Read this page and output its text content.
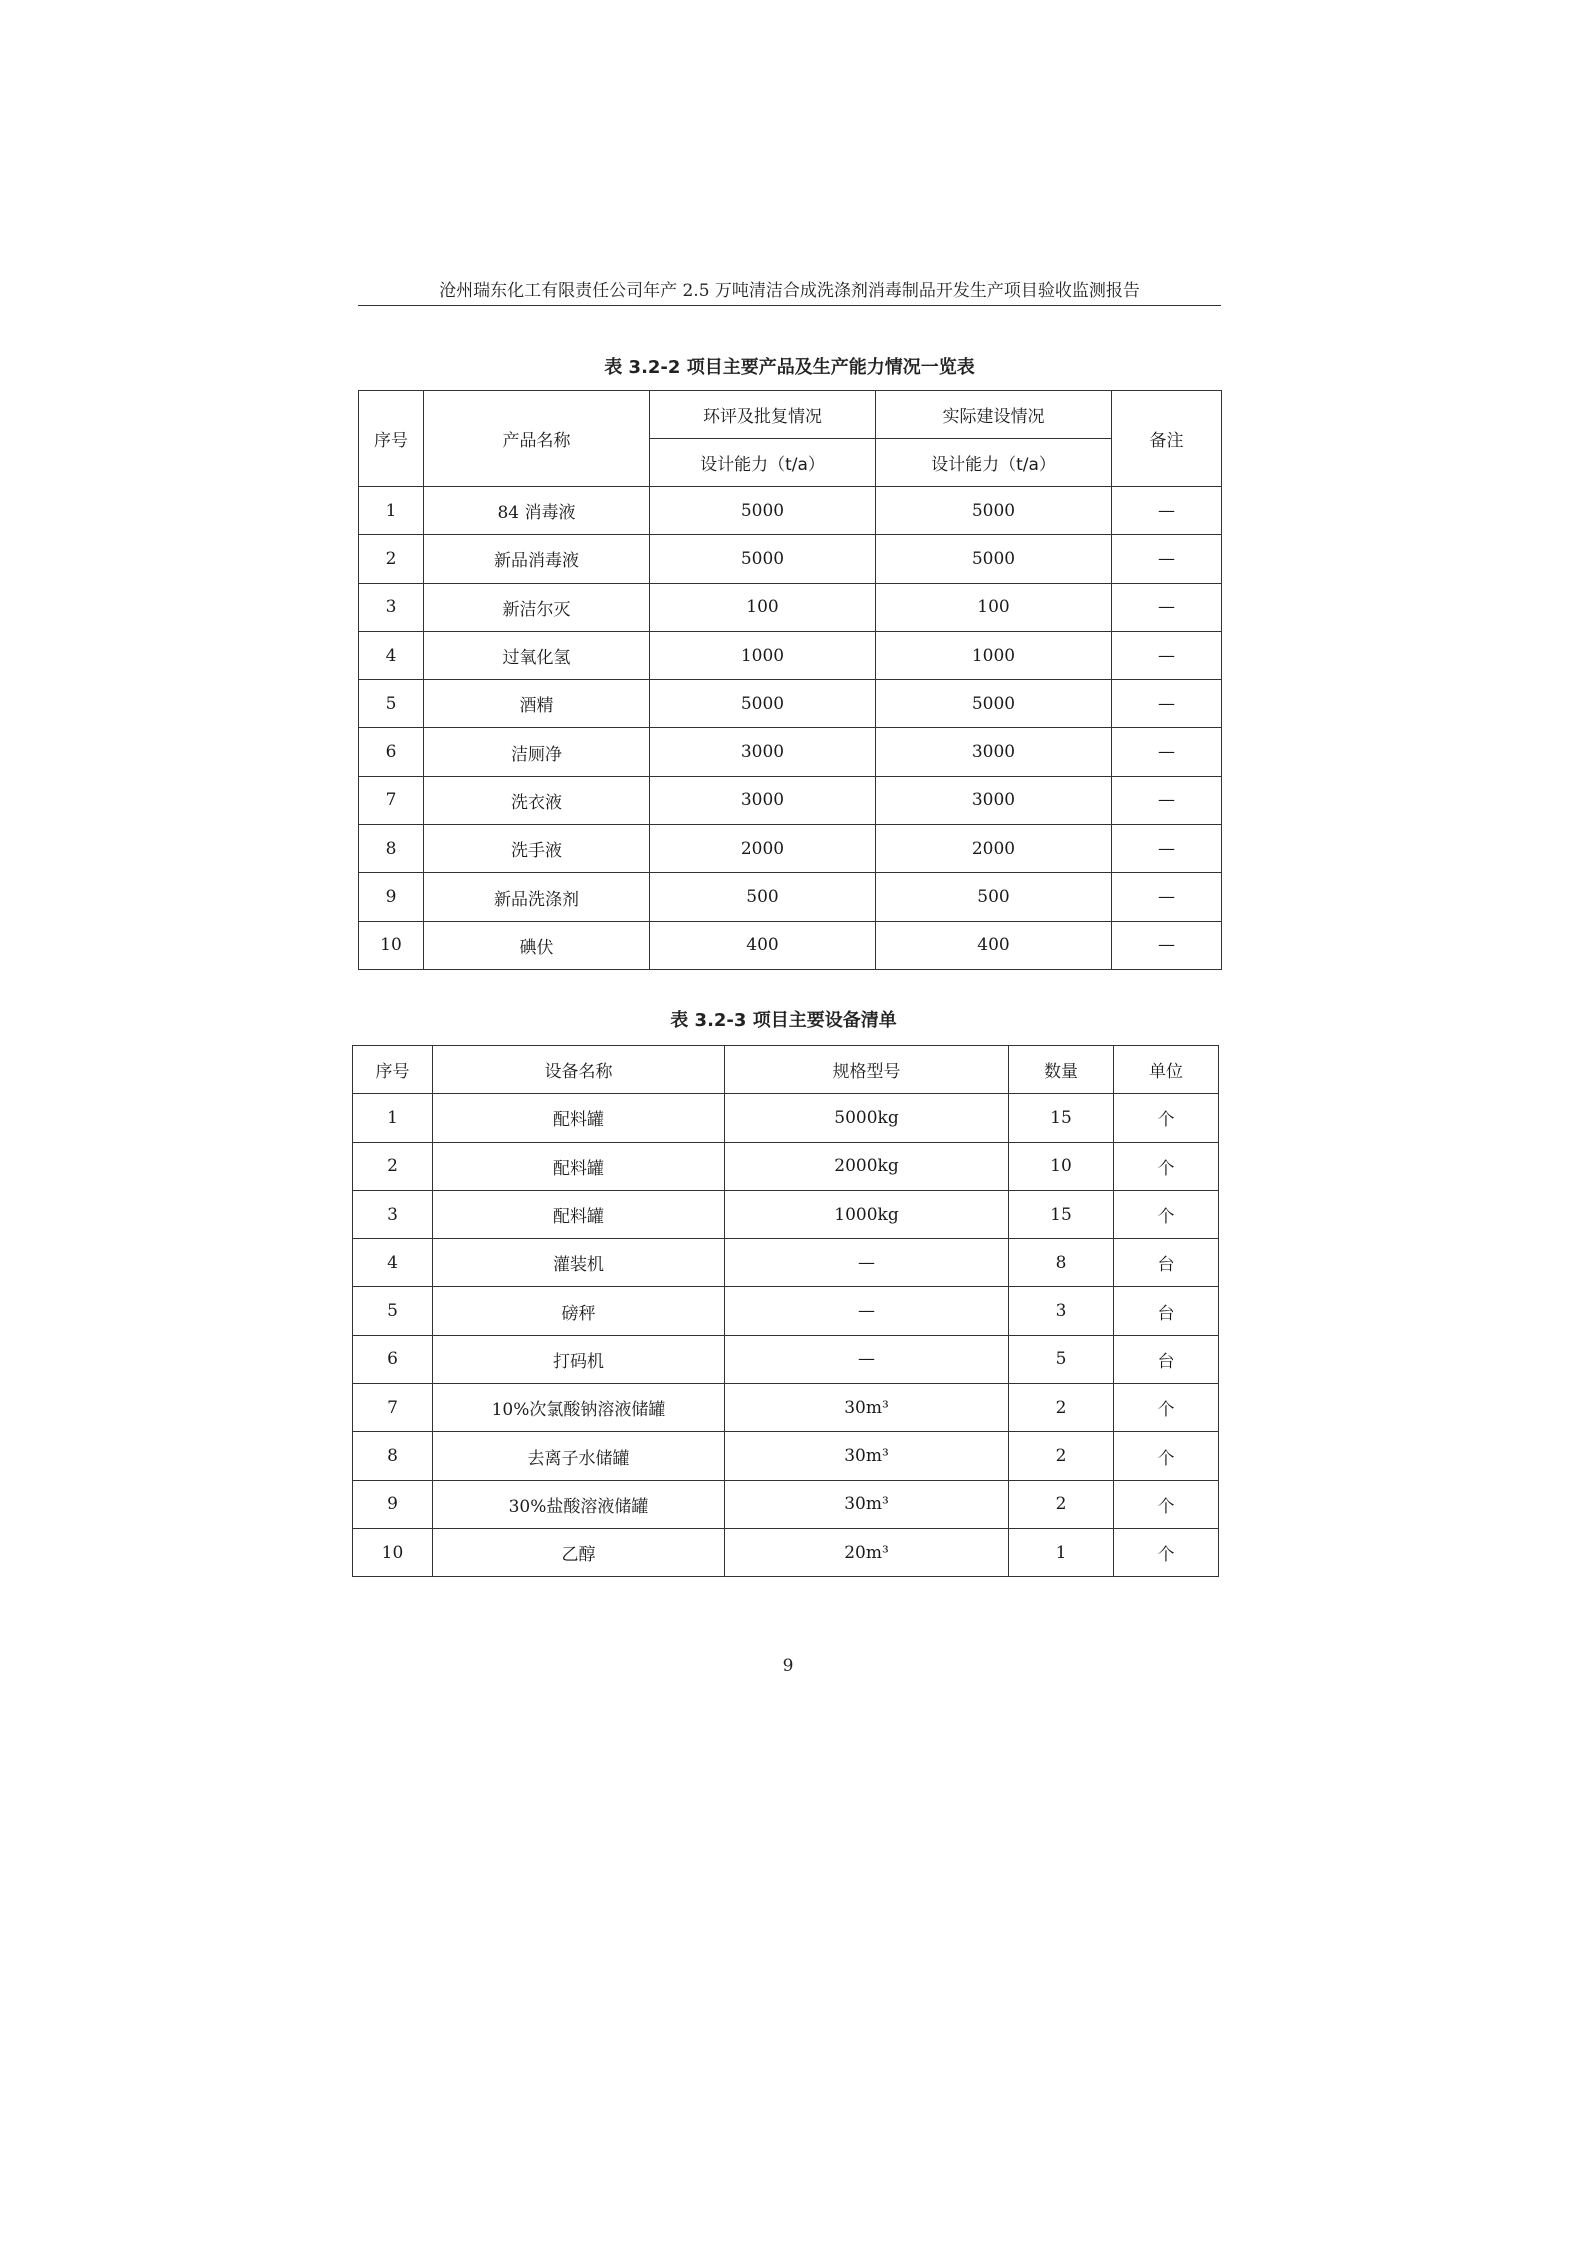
沧州瑞东化工有限责任公司年产 2.5 万吨清洁合成洗涤剂消毒制品开发生产项目验收监测报告
表 3.2-2 项目主要产品及生产能力情况一览表
序号	产品名称	环评及批复情况	实际建设情况	备注
		设计能力（t/a）	设计能力（t/a）	
1	84 消毒液	5000	5000	—
2	新品消毒液	5000	5000	—
3	新洁尔灭	100	100	—
4	过氧化氢	1000	1000	—
5	酒精	5000	5000	—
6	洁厕净	3000	3000	—
7	洗衣液	3000	3000	—
8	洗手液	2000	2000	—
9	新品洗涤剂	500	500	—
10	碘伏	400	400	—
表 3.2-3 项目主要设备清单
序号	设备名称	规格型号	数量	单位
1	配料罐	5000kg	15	个
2	配料罐	2000kg	10	个
3	配料罐	1000kg	15	个
4	灌装机	—	8	台
5	磅秤	—	3	台
6	打码机	—	5	台
7	10%次氯酸钠溶液储罐	30m³	2	个
8	去离子水储罐	30m³	2	个
9	30%盐酸溶液储罐	30m³	2	个
10	乙醇	20m³	1	个
9
